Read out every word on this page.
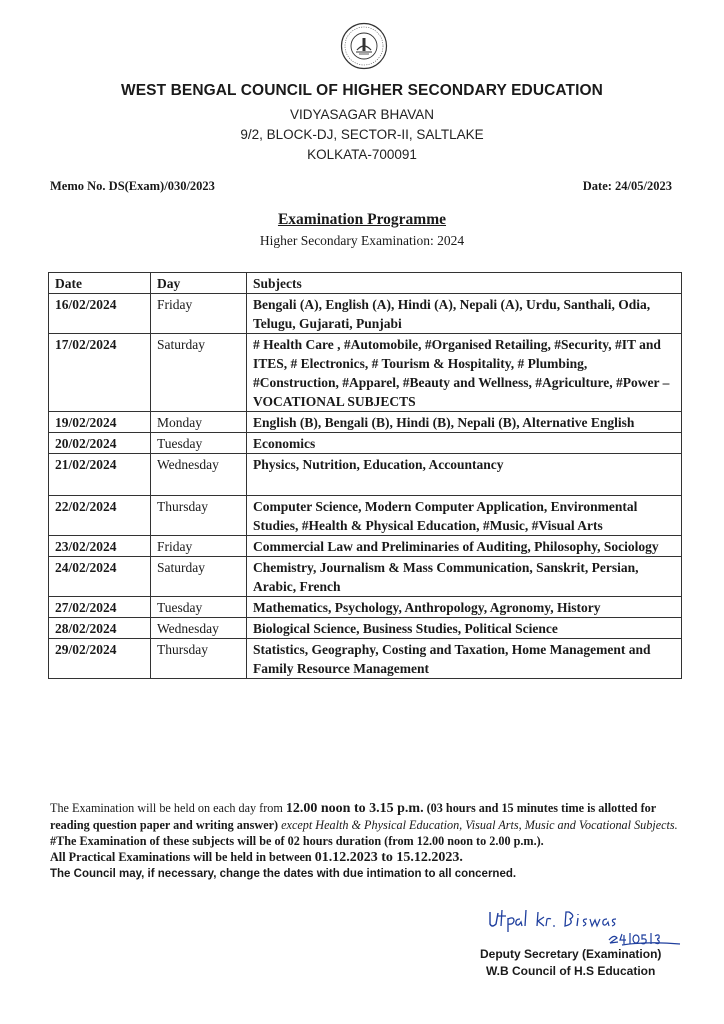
WEST BENGAL COUNCIL OF HIGHER SECONDARY EDUCATION
VIDYASAGAR BHAVAN
9/2, BLOCK-DJ, SECTOR-II, SALTLAKE
KOLKATA-700091
Memo No. DS(Exam)/030/2023	Date: 24/05/2023
Examination Programme
Higher Secondary Examination: 2024
Date	Day	Subjects
16/02/2024	Friday	Bengali (A), English (A), Hindi (A), Nepali (A), Urdu, Santhali, Odia, Telugu, Gujarati, Punjabi
17/02/2024	Saturday	# Health Care , #Automobile, #Organised Retailing, #Security, #IT and ITES, # Electronics, # Tourism & Hospitality, # Plumbing, #Construction, #Apparel, #Beauty and Wellness, #Agriculture, #Power –VOCATIONAL SUBJECTS
19/02/2024	Monday	English (B), Bengali (B), Hindi (B), Nepali (B), Alternative English
20/02/2024	Tuesday	Economics
21/02/2024	Wednesday	Physics, Nutrition, Education, Accountancy
22/02/2024	Thursday	Computer Science, Modern Computer Application, Environmental Studies, #Health & Physical Education, #Music, #Visual Arts
23/02/2024	Friday	Commercial Law and Preliminaries of Auditing, Philosophy, Sociology
24/02/2024	Saturday	Chemistry, Journalism & Mass Communication, Sanskrit, Persian, Arabic, French
27/02/2024	Tuesday	Mathematics, Psychology, Anthropology, Agronomy, History
28/02/2024	Wednesday	Biological Science, Business Studies, Political Science
29/02/2024	Thursday	Statistics, Geography, Costing and Taxation, Home Management and Family Resource Management

The Examination will be held on each day from 12.00 noon to 3.15 p.m. (03 hours and 15 minutes time is allotted for reading question paper and writing answer) except Health & Physical Education, Visual Arts, Music and Vocational Subjects.

#The Examination of these subjects will be of 02 hours duration (from 12.00 noon to 2.00 p.m.).

All Practical Examinations will be held in between 01.12.2023 to 15.12.2023.

The Council may, if necessary, change the dates with due intimation to all concerned.

Deputy Secretary (Examination)
W.B Council of H.S Education
